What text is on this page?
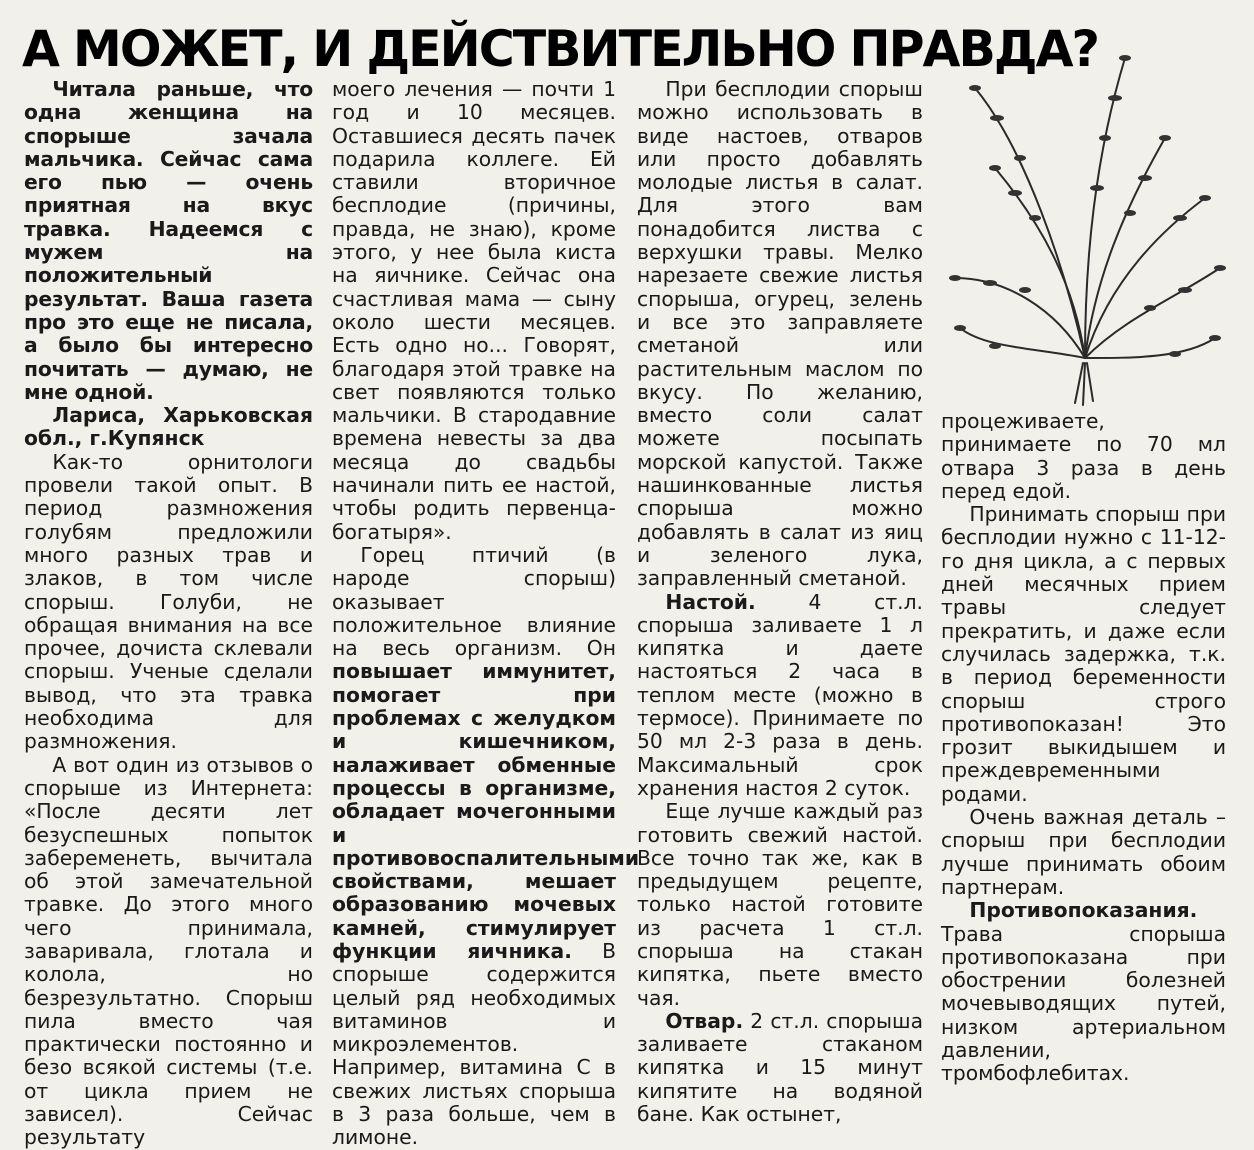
А МОЖЕТ, И ДЕЙСТВИТЕЛЬНО ПРАВДА?

Читала раньше, что одна женщина на спорыше зачала мальчика. Сейчас сама его пью — очень приятная на вкус травка. Надеемся с мужем на положительный результат. Ваша газета про это еще не писала, а было бы интересно почитать — думаю, не мне одной.

Лариса, Харьковская обл., г.Купянск

Как-то орнитологи провели такой опыт. В период размножения голубям предложили много разных трав и злаков, в том числе спорыш. Голуби, не обращая внимания на все прочее, дочиста склевали спорыш. Ученые сделали вывод, что эта травка необходима для размножения.

А вот один из отзывов о спорыше из Интернета: «После десяти лет безуспешных попыток забеременеть, вычитала об этой замечательной травке. До этого много чего принимала, заваривала, глотала и колола, но безрезультатно. Спорыш пила вместо чая практически постоянно и безо всякой системы (т.е. от цикла прием не зависел). Сейчас результату

моего лечения — почти 1 год и 10 месяцев. Оставшиеся десять пачек подарила коллеге. Ей ставили вторичное бесплодие (причины, правда, не знаю), кроме этого, у нее была киста на яичнике. Сейчас она счастливая мама — сыну около шести месяцев. Есть одно но... Говорят, благодаря этой травке на свет появляются только мальчики. В стародавние времена невесты за два месяца до свадьбы начинали пить ее настой, чтобы родить первенца-богатыря».

Горец птичий (в народе спорыш) оказывает положительное влияние на весь организм. Он повышает иммунитет, помогает при проблемах с желудком и кишечником, налаживает обменные процессы в организме, обладает мочегонными и противовоспалительными свойствами, мешает образованию мочевых камней, стимулирует функции яичника. В спорыше содержится целый ряд необходимых витаминов и микроэлементов. Например, витамина С в свежих листьях спорыша в 3 раза больше, чем в лимоне.

При бесплодии спорыш можно использовать в виде настоев, отваров или просто добавлять молодые листья в салат. Для этого вам понадобится листва с верхушки травы. Мелко нарезаете свежие листья спорыша, огурец, зелень и все это заправляете сметаной или растительным маслом по вкусу. По желанию, вместо соли салат можете посыпать морской капустой. Также нашинкованные листья спорыша можно добавлять в салат из яиц и зеленого лука, заправленный сметаной.

Настой. 4 ст.л. спорыша заливаете 1 л кипятка и даете настояться 2 часа в теплом месте (можно в термосе). Принимаете по 50 мл 2-3 раза в день. Максимальный срок хранения настоя 2 суток.

Еще лучше каждый раз готовить свежий настой. Все точно так же, как в предыдущем рецепте, только настой готовите из расчета 1 ст.л. спорыша на стакан кипятка, пьете вместо чая.

Отвар. 2 ст.л. спорыша заливаете стаканом кипятка и 15 минут кипятите на водяной бане. Как остынет,

процеживаете, принимаете по 70 мл отвара 3 раза в день перед едой.

Принимать спорыш при бесплодии нужно с 11-12-го дня цикла, а с первых дней месячных прием травы следует прекратить, и даже если случилась задержка, т.к. в период беременности спорыш строго противопоказан! Это грозит выкидышем и преждевременными родами.

Очень важная деталь – спорыш при бесплодии лучше принимать обоим партнерам.

Противопоказания. Трава спорыша противопоказана при обострении болезней мочевыводящих путей, низком артериальном давлении, тромбофлебитах.
